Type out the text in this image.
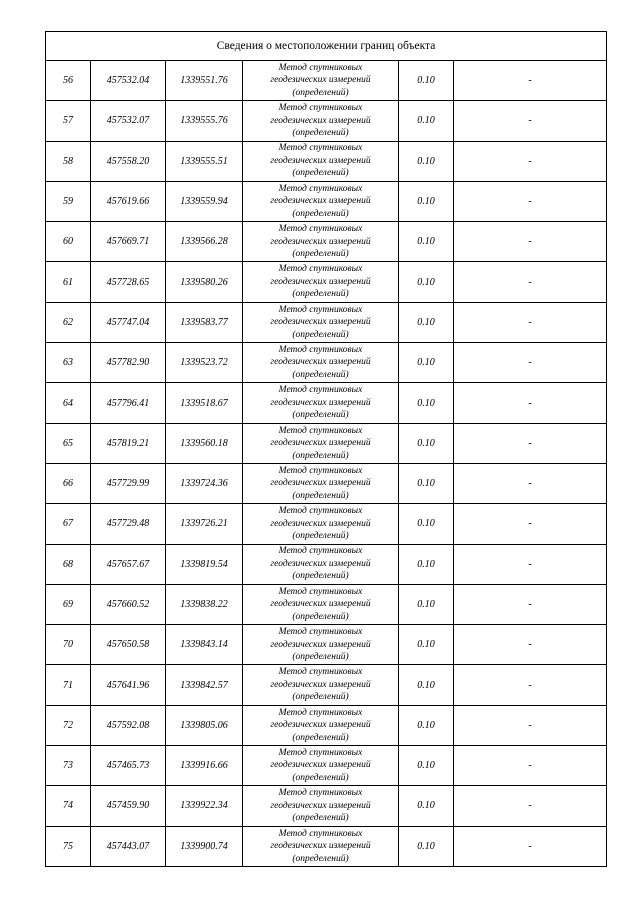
Сведения о местоположении границ объекта					
56	457532.04	1339551.76	Метод спутниковых
геодезических измерений
(определений)	0.10	-
57	457532.07	1339555.76	Метод спутниковых
геодезических измерений
(определений)	0.10	-
58	457558.20	1339555.51	Метод спутниковых
геодезических измерений
(определений)	0.10	-
59	457619.66	1339559.94	Метод спутниковых
геодезических измерений
(определений)	0.10	-
60	457669.71	1339566.28	Метод спутниковых
геодезических измерений
(определений)	0.10	-
61	457728.65	1339580.26	Метод спутниковых
геодезических измерений
(определений)	0.10	-
62	457747.04	1339583.77	Метод спутниковых
геодезических измерений
(определений)	0.10	-
63	457782.90	1339523.72	Метод спутниковых
геодезических измерений
(определений)	0.10	-
64	457796.41	1339518.67	Метод спутниковых
геодезических измерений
(определений)	0.10	-
65	457819.21	1339560.18	Метод спутниковых
геодезических измерений
(определений)	0.10	-
66	457729.99	1339724.36	Метод спутниковых
геодезических измерений
(определений)	0.10	-
67	457729.48	1339726.21	Метод спутниковых
геодезических измерений
(определений)	0.10	-
68	457657.67	1339819.54	Метод спутниковых
геодезических измерений
(определений)	0.10	-
69	457660.52	1339838.22	Метод спутниковых
геодезических измерений
(определений)	0.10	-
70	457650.58	1339843.14	Метод спутниковых
геодезических измерений
(определений)	0.10	-
71	457641.96	1339842.57	Метод спутниковых
геодезических измерений
(определений)	0.10	-
72	457592.08	1339805.06	Метод спутниковых
геодезических измерений
(определений)	0.10	-
73	457465.73	1339916.66	Метод спутниковых
геодезических измерений
(определений)	0.10	-
74	457459.90	1339922.34	Метод спутниковых
геодезических измерений
(определений)	0.10	-
75	457443.07	1339900.74	Метод спутниковых
геодезических измерений
(определений)	0.10	-
